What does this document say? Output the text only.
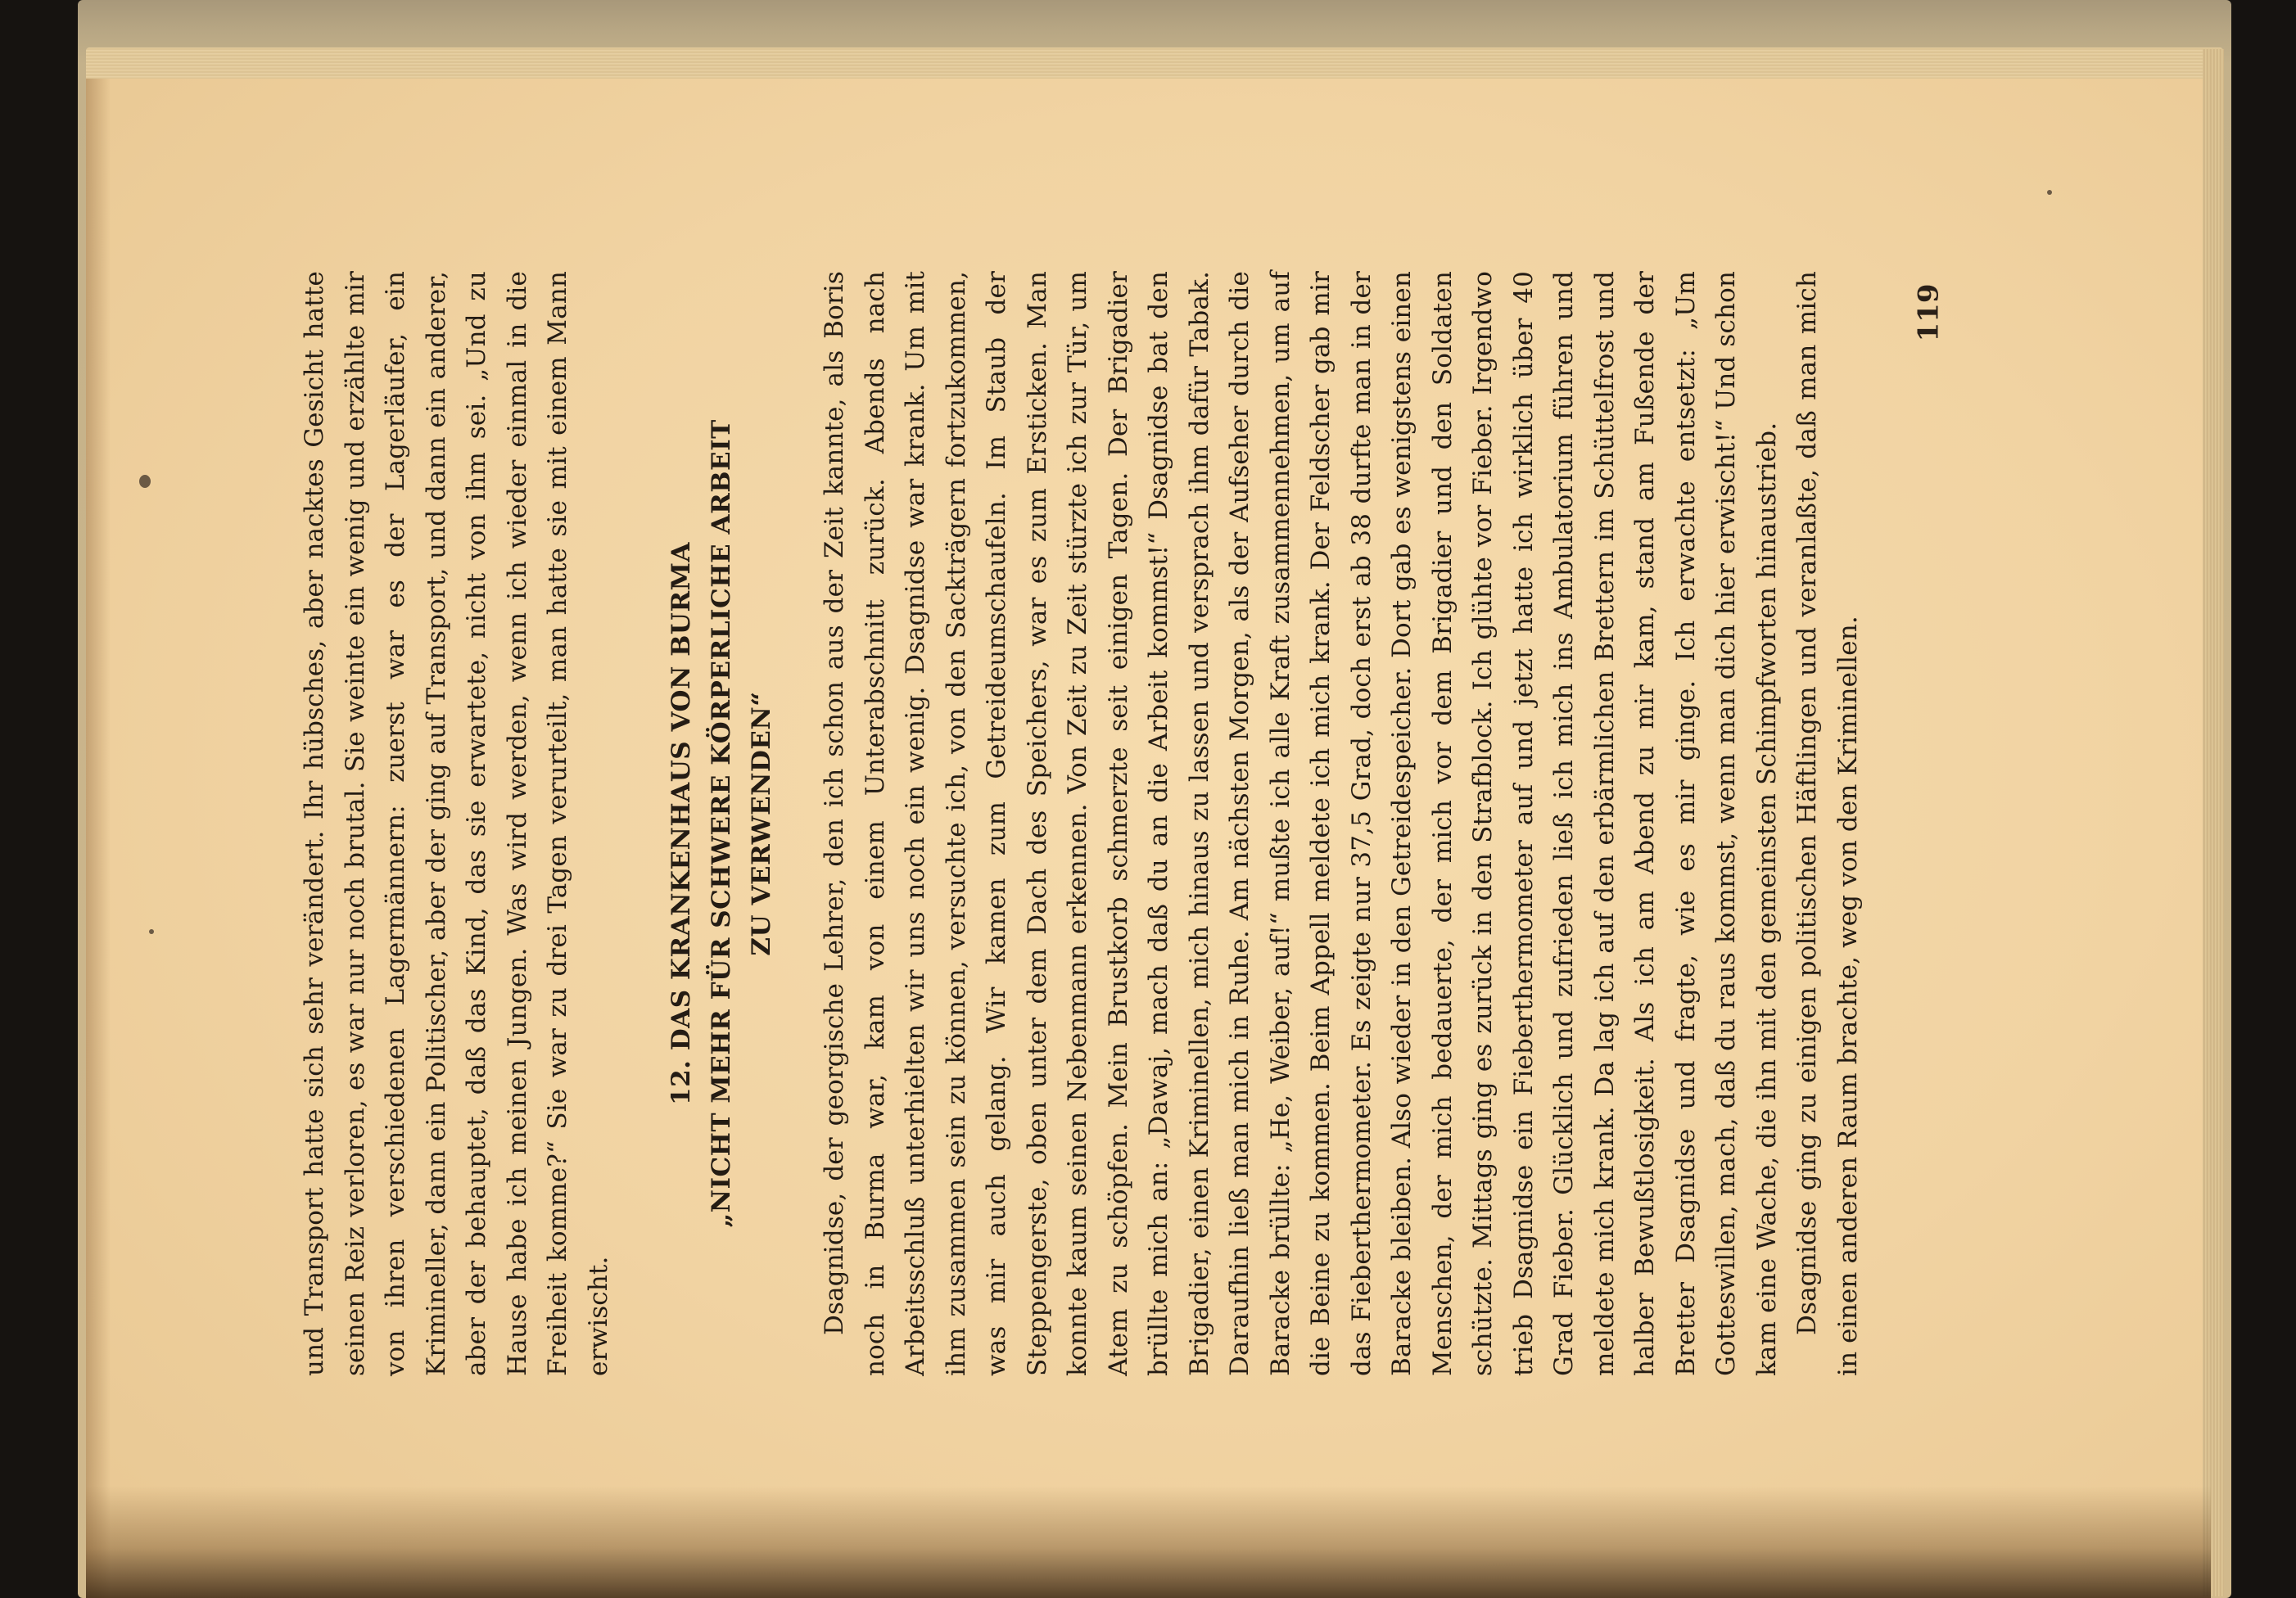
und Transport hatte sich sehr verändert. Ihr hübsches, aber nacktes Gesicht hatte seinen Reiz verloren, es war nur noch brutal. Sie weinte ein wenig und erzählte mir von ihren verschiedenen Lagermännern: zuerst war es der Lagerläufer, ein Krimineller, dann ein Politischer, aber der ging auf Transport, und dann ein anderer, aber der behauptet, daß das Kind, das sie erwartete, nicht von ihm sei. „Und zu Hause habe ich meinen Jungen. Was wird werden, wenn ich wieder einmal in die Freiheit komme?“ Sie war zu drei Tagen verurteilt, man hatte sie mit einem Mann erwischt.

12. DAS KRANKENHAUS VON BURMA „NICHT MEHR FÜR SCHWERE KÖRPERLICHE ARBEIT ZU VERWENDEN“ Dsagnidse, der georgische Lehrer, den ich schon aus der Zeit kannte, als Boris noch in Burma war, kam von einem Unterabschnitt zurück. Abends nach Arbeitsschluß unterhielten wir uns noch ein wenig. Dsagnidse war krank. Um mit ihm zusammen sein zu können, versuchte ich, von den Sackträgern fortzukommen, was mir auch gelang. Wir kamen zum Getreideumschaufeln. Im Staub der Steppengerste, oben unter dem Dach des Speichers, war es zum Ersticken. Man konnte kaum seinen Nebenmann erkennen. Von Zeit zu Zeit stürzte ich zur Tür, um Atem zu schöpfen. Mein Brustkorb schmerzte seit einigen Tagen. Der Brigadier brüllte mich an: „Dawaj, mach daß du an die Arbeit kommst!“ Dsagnidse bat den Brigadier, einen Kriminellen, mich hinaus zu lassen und versprach ihm dafür Tabak. Daraufhin ließ man mich in Ruhe. Am nächsten Morgen, als der Aufseher durch die Baracke brüllte: „He, Weiber, auf!“ mußte ich alle Kraft zusammennehmen, um auf die Beine zu kommen. Beim Appell meldete ich mich krank. Der Feldscher gab mir das Fieberthermometer. Es zeigte nur 37,5 Grad, doch erst ab 38 durfte man in der Baracke bleiben. Also wieder in den Getreidespeicher. Dort gab es wenigstens einen Menschen, der mich bedauerte, der mich vor dem Brigadier und den Soldaten schützte. Mittags ging es zurück in den Strafblock. Ich glühte vor Fieber. Irgendwo trieb Dsagnidse ein Fieberthermometer auf und jetzt hatte ich wirklich über 40 Grad Fieber. Glücklich und zufrieden ließ ich mich ins Ambulatorium führen und meldete mich krank. Da lag ich auf den erbärmlichen Brettern im Schüttelfrost und halber Bewußtlosigkeit. Als ich am Abend zu mir kam, stand am Fußende der Bretter Dsagnidse und fragte, wie es mir ginge. Ich erwachte entsetzt: „Um Gotteswillen, mach, daß du raus kommst, wenn man dich hier erwischt!“ Und schon kam eine Wache, die ihn mit den gemeinsten Schimpfworten hinaustrieb. Dsagnidse ging zu einigen politischen Häftlingen und veranlaßte, daß man mich in einen anderen Raum brachte, weg von den Kriminellen.

119
